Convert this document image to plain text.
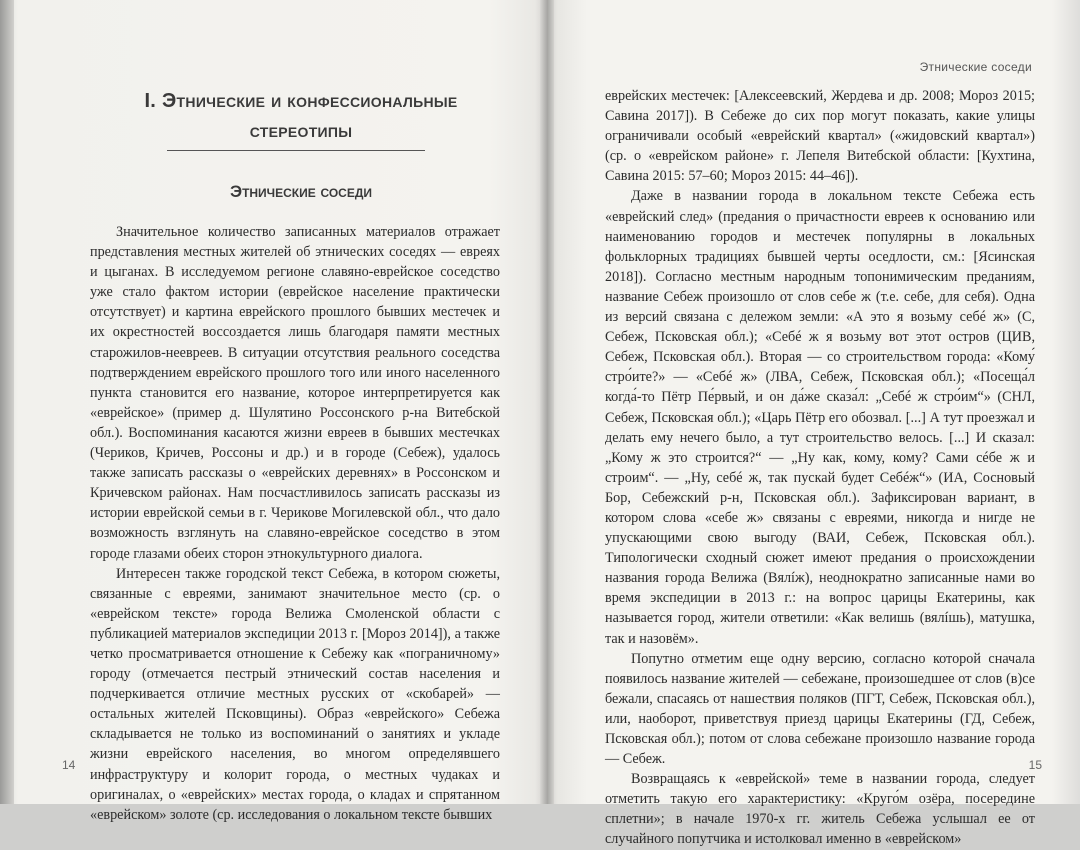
I. Этнические и конфессиональные
стереотипы
Этнические соседи

Значительное количество записанных материалов отражает представления местных жителей об этнических соседях — евреях и цыганах. В исследуемом регионе славяно-еврейское соседство уже стало фактом истории (еврейское население практически отсутствует) и картина еврейского прошлого бывших местечек и их окрестностей воссоздается лишь благодаря памяти местных старожилов-неевреев. В ситуации отсутствия реального соседства подтверждением еврейского прошлого того или иного населенного пункта становится его название, которое интерпретируется как «еврейское» (пример д. Шулятино Россонского р-на Витебской обл.). Воспоминания касаются жизни евреев в бывших местечках (Чериков, Кричев, Россоны и др.) и в городе (Себеж), удалось также записать рассказы о «еврейских деревнях» в Россонском и Кричевском районах. Нам посчастливилось записать рассказы из истории еврейской семьи в г. Черикове Могилевской обл., что дало возможность взглянуть на славяно-еврейское соседство в этом городе глазами обеих сторон этнокультурного диалога.

Интересен также городской текст Себежа, в котором сюжеты, связанные с евреями, занимают значительное место (ср. о «еврейском тексте» города Велижа Смоленской области с публикацией материалов экспедиции 2013 г. [Мороз 2014]), а также четко просматривается отношение к Себежу как «пограничному» городу (отмечается пестрый этнический состав населения и подчеркивается отличие местных русских от «скобарей» — остальных жителей Псковщины). Образ «еврейского» Себежа складывается не только из воспоминаний о занятиях и укладе жизни еврейского населения, во многом определявшего инфраструктуру и колорит города, о местных чудаках и оригиналах, о «еврейских» местах города, о кладах и спрятанном «еврейском» золоте (ср. исследования о локальном тексте бывших

14
Этнические соседи

еврейских местечек: [Алексеевский, Жердева и др. 2008; Мороз 2015; Савина 2017]). В Себеже до сих пор могут показать, какие улицы ограничивали особый «еврейский квартал» («жидовский квартал») (ср. о «еврейском районе» г. Лепеля Витебской области: [Кухтина, Савина 2015: 57–60; Мороз 2015: 44–46]).

Даже в названии города в локальном тексте Себежа есть «еврейский след» (предания о причастности евреев к основанию или наименованию городов и местечек популярны в локальных фольклорных традициях бывшей черты оседлости, см.: [Ясинская 2018]). Согласно местным народным топонимическим преданиям, название Себеж произошло от слов себе ж (т.е. себе, для себя). Одна из версий связана с дележом земли: «А это я возьму себé ж» (С, Себеж, Псковская обл.); «Себé ж я возьму вот этот остров (ЦИВ, Себеж, Псковская обл.). Вторая — со строительством города: «Кому́ стро́ите?» — «Себé ж» (ЛВА, Себеж, Псковская обл.); «Посеща́л когда́-то Пётр Пе́рвый, и он да́же сказа́л: „Себé ж стро́им“» (СНЛ, Себеж, Псковская обл.); «Царь Пётр его обозвал. [...] А тут проезжал и делать ему нечего было, а тут строительство велось. [...] И сказал: „Кому ж это строится?“ — „Ну как, кому, кому? Сами сéбе ж и строим“. — „Ну, себé ж, так пускай будет Себéж“» (ИА, Сосновый Бор, Себежский р-н, Псковская обл.). Зафиксирован вариант, в котором слова «себе ж» связаны с евреями, никогда и нигде не упускающими свою выгоду (ВАИ, Себеж, Псковская обл.). Типологически сходный сюжет имеют предания о происхождении названия города Велижа (Вялíж), неоднократно записанные нами во время экспедиции в 2013 г.: на вопрос царицы Екатерины, как называется город, жители ответили: «Как велишь (вялíшь), матушка, так и назовём».

Попутно отметим еще одну версию, согласно которой сначала появилось название жителей — себежане, произошедшее от слов (в)се бежали, спасаясь от нашествия поляков (ПГТ, Себеж, Псковская обл.), или, наоборот, приветствуя приезд царицы Екатерины (ГД, Себеж, Псковская обл.); потом от слова себежане произошло название города — Себеж.

Возвращаясь к «еврейской» теме в названии города, следует отметить такую его характеристику: «Круго́м озёра, посередине сплетни»; в начале 1970-х гг. житель Себежа услышал ее от случайного попутчика и истолковал именно в «еврейском»

15
